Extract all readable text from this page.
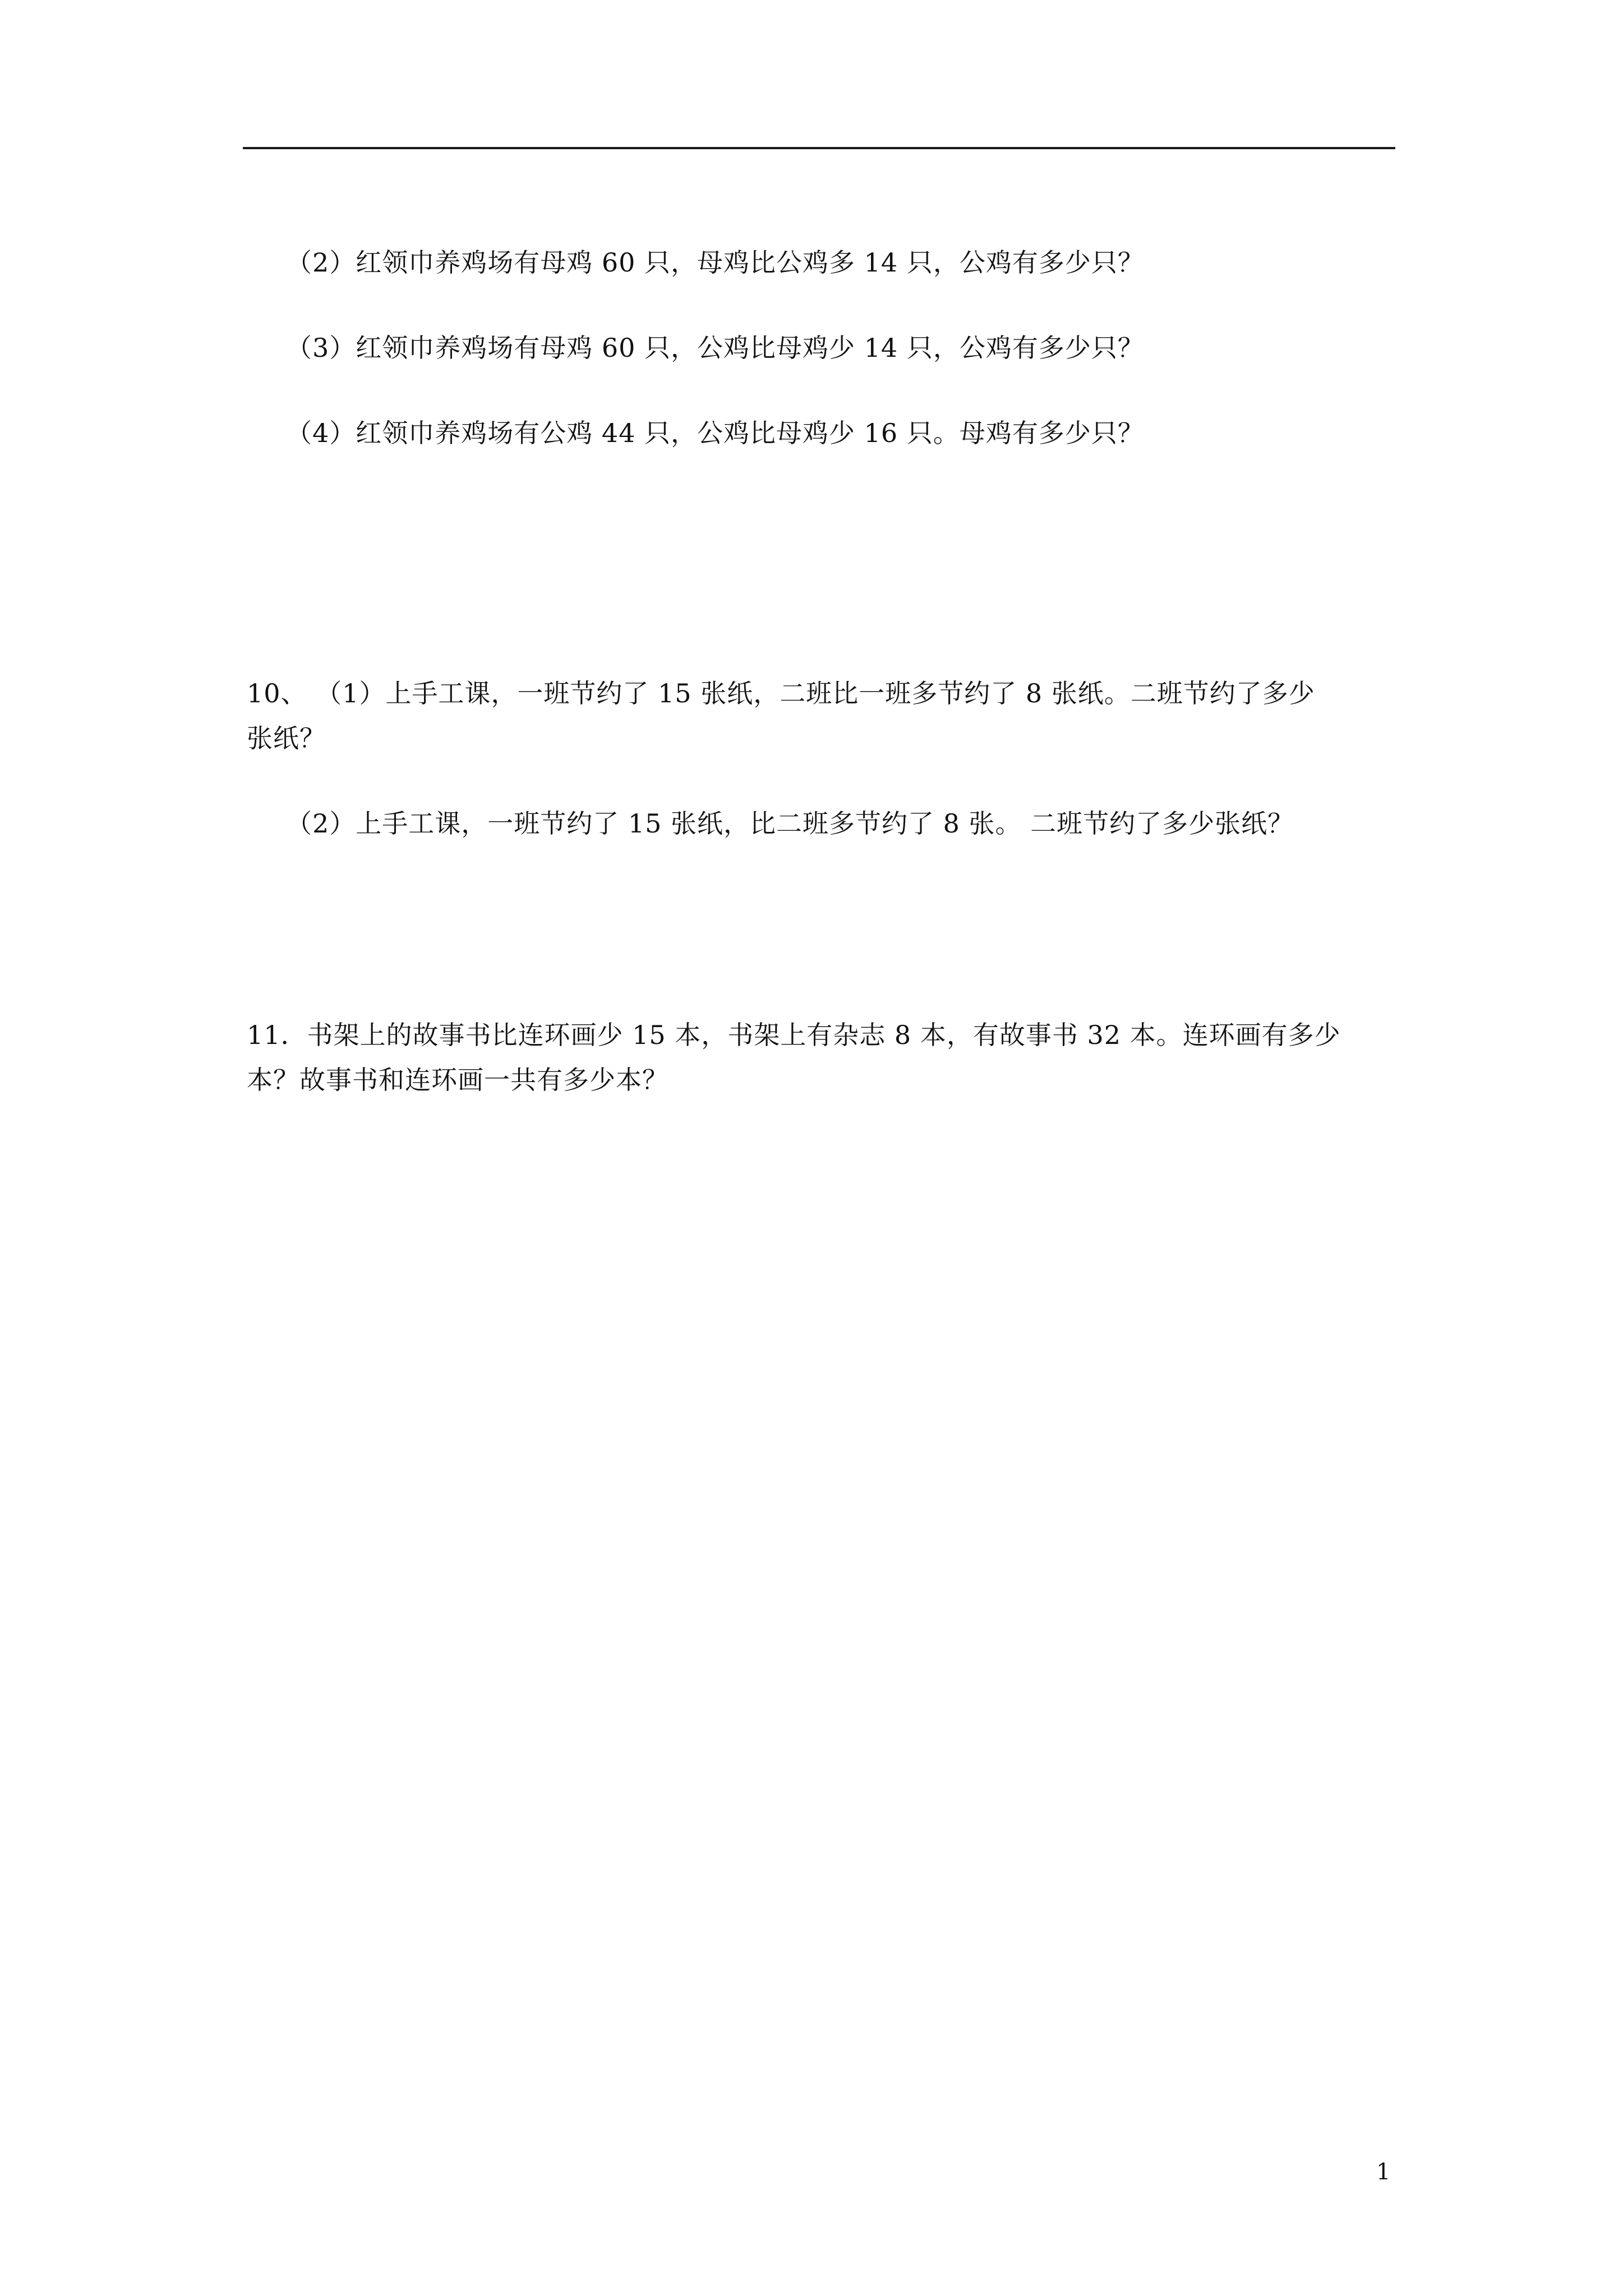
（2）红领巾养鸡场有母鸡 60 只，母鸡比公鸡多 14 只，公鸡有多少只？
（3）红领巾养鸡场有母鸡 60 只，公鸡比母鸡少 14 只，公鸡有多少只？
（4）红领巾养鸡场有公鸡 44 只，公鸡比母鸡少 16 只。母鸡有多少只？
10、 （1）上手工课，一班节约了 15 张纸，二班比一班多节约了 8 张纸。二班节约了多少
张纸？
（2）上手工课，一班节约了 15 张纸，比二班多节约了 8 张。 二班节约了多少张纸？
11．书架上的故事书比连环画少 15 本，书架上有杂志 8 本，有故事书 32 本。连环画有多少
本？故事书和连环画一共有多少本？
1
